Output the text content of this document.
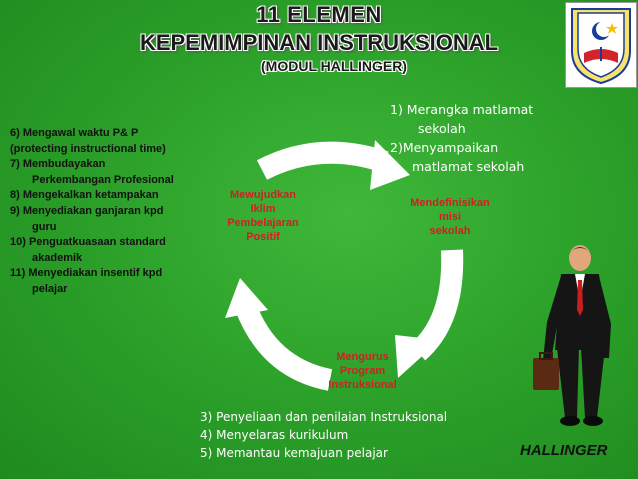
11 ELEMEN
KEPEMIMPINAN INSTRUKSIONAL
(MODUL HALLINGER)
6) Mengawal waktu P& P
(protecting instructional time)
7) Membudayakan
Perkembangan Profesional
8) Mengekalkan ketampakan
9) Menyediakan ganjaran kpd
guru
10) Penguatkuasaan standard
akademik
11) Menyediakan insentif kpd
pelajar
1) Merangka matlamat
sekolah
2)Menyampaikan
matlamat sekolah
Mewujudkan
Iklim
Pembelajaran
Positif
Mendefinisikan
misi
sekolah
Mengurus
Program
Instruksional
3) Penyeliaan dan penilaian Instruksional
4) Menyelaras kurikulum
5) Memantau kemajuan pelajar	HALLINGER
